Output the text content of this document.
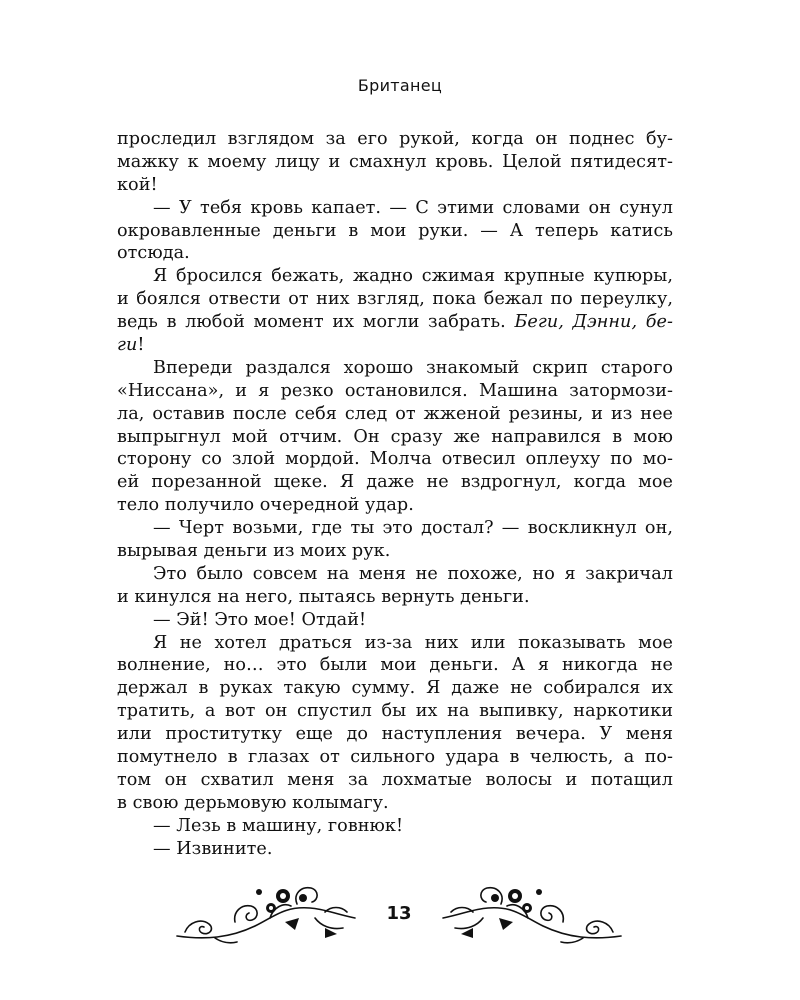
Британец
проследил взглядом за его рукой, когда он поднес бу-
мажку к моему лицу и смахнул кровь. Целой пятидесят-
кой!
— У тебя кровь капает. — С этими словами он сунул
окровавленные деньги в мои руки. — А теперь катись
отсюда.
Я бросился бежать, жадно сжимая крупные купюры,
и боялся отвести от них взгляд, пока бежал по переулку,
ведь в любой момент их могли забрать. Беги, Дэнни, бе-
ги!
Впереди раздался хорошо знакомый скрип старого
«Ниссана», и я резко остановился. Машина затормози-
ла, оставив после себя след от жженой резины, и из нее
выпрыгнул мой отчим. Он сразу же направился в мою
сторону со злой мордой. Молча отвесил оплеуху по мо-
ей порезанной щеке. Я даже не вздрогнул, когда мое
тело получило очередной удар.
— Черт возьми, где ты это достал? — воскликнул он,
вырывая деньги из моих рук.
Это было совсем на меня не похоже, но я закричал
и кинулся на него, пытаясь вернуть деньги.
— Эй! Это мое! Отдай!
Я не хотел драться из-за них или показывать мое
волнение, но… это были мои деньги. А я никогда не
держал в руках такую сумму. Я даже не собирался их
тратить, а вот он спустил бы их на выпивку, наркотики
или проститутку еще до наступления вечера. У меня
помутнело в глазах от сильного удара в челюсть, а по-
том он схватил меня за лохматые волосы и потащил
в свою дерьмовую колымагу.
— Лезь в машину, говнюк!
— Извините.
13
